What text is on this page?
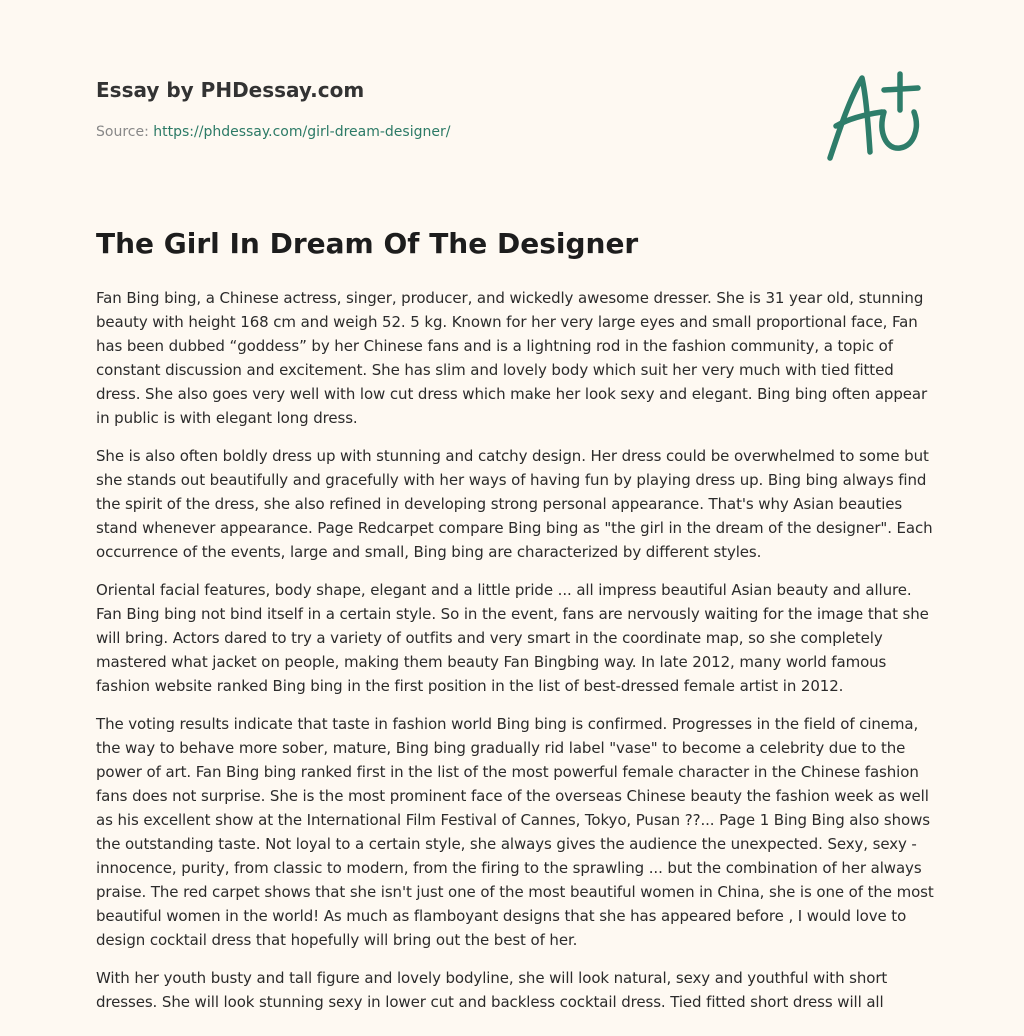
Essay by PHDessay.com
Source: https://phdessay.com/girl-dream-designer/
The Girl In Dream Of The Designer

Fan Bing bing, a Chinese actress, singer, producer, and wickedly awesome dresser. She is 31 year old, stunning beauty with height 168 cm and weigh 52. 5 kg. Known for her very large eyes and small proportional face, Fan has been dubbed “goddess” by her Chinese fans and is a lightning rod in the fashion community, a topic of constant discussion and excitement. She has slim and lovely body which suit her very much with tied fitted dress. She also goes very well with low cut dress which make her look sexy and elegant. Bing bing often appear in public is with elegant long dress.

She is also often boldly dress up with stunning and catchy design. Her dress could be overwhelmed to some but she stands out beautifully and gracefully with her ways of having fun by playing dress up. Bing bing always find the spirit of the dress, she also refined in developing strong personal appearance. That's why Asian beauties stand whenever appearance. Page Redcarpet compare Bing bing as "the girl in the dream of the designer". Each occurrence of the events, large and small, Bing bing are characterized by different styles.

Oriental facial features, body shape, elegant and a little pride ... all impress beautiful Asian beauty and allure. Fan Bing bing not bind itself in a certain style. So in the event, fans are nervously waiting for the image that she will bring. Actors dared to try a variety of outfits and very smart in the coordinate map, so she completely mastered what jacket on people, making them beauty Fan Bingbing way. In late 2012, many world famous fashion website ranked Bing bing in the first position in the list of best-dressed female artist in 2012.

The voting results indicate that taste in fashion world Bing bing is confirmed. Progresses in the field of cinema, the way to behave more sober, mature, Bing bing gradually rid label "vase" to become a celebrity due to the power of art. Fan Bing bing ranked first in the list of the most powerful female character in the Chinese fashion fans does not surprise. She is the most prominent face of the overseas Chinese beauty the fashion week as well as his excellent show at the International Film Festival of Cannes, Tokyo, Pusan ??... Page 1 Bing Bing also shows the outstanding taste. Not loyal to a certain style, she always gives the audience the unexpected. Sexy, sexy - innocence, purity, from classic to modern, from the firing to the sprawling ... but the combination of her always praise. The red carpet shows that she isn't just one of the most beautiful women in China, she is one of the most beautiful women in the world! As much as flamboyant designs that she has appeared before , I would love to design cocktail dress that hopefully will bring out the best of her.

With her youth busty and tall figure and lovely bodyline, she will look natural, sexy and youthful with short dresses. She will look stunning sexy in lower cut and backless cocktail dress. Tied fitted short dress will all
